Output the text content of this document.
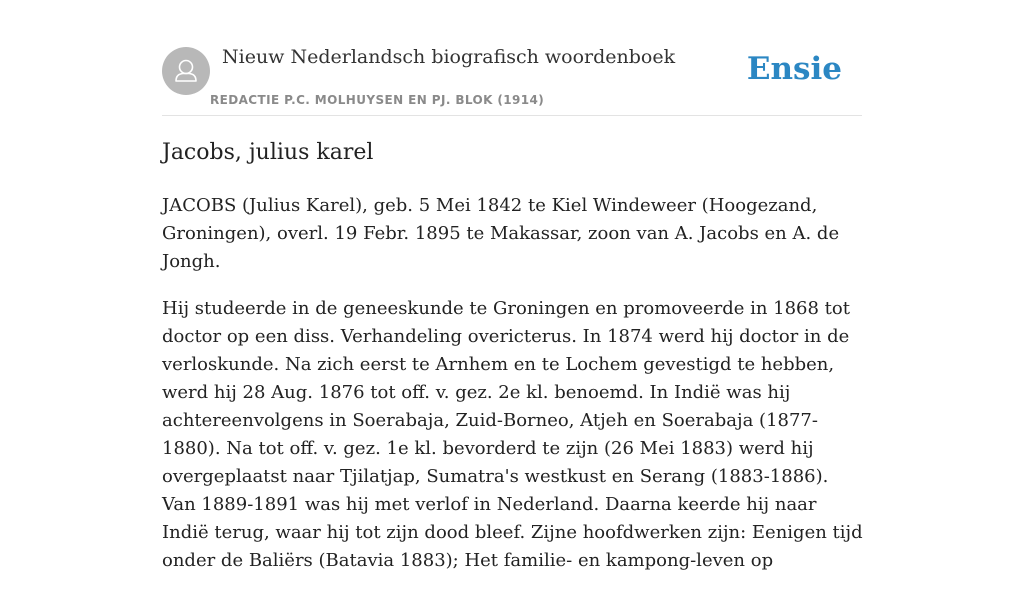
Nieuw Nederlandsch biografisch woordenboek
REDACTIE P.C. MOLHUYSEN EN PJ. BLOK (1914)
Ensie
Jacobs, julius karel

JACOBS (Julius Karel), geb. 5 Mei 1842 te Kiel Windeweer (Hoogezand, Groningen), overl. 19 Febr. 1895 te Makassar, zoon van A. Jacobs en A. de Jongh.

Hij studeerde in de geneeskunde te Groningen en promoveerde in 1868 tot doctor op een diss. Verhandeling overicterus. In 1874 werd hij doctor in de verloskunde. Na zich eerst te Arnhem en te Lochem gevestigd te hebben, werd hij 28 Aug. 1876 tot off. v. gez. 2e kl. benoemd. In Indië was hij achtereenvolgens in Soerabaja, Zuid-Borneo, Atjeh en Soerabaja (1877-1880). Na tot off. v. gez. 1e kl. bevorderd te zijn (26 Mei 1883) werd hij overgeplaatst naar Tjilatjap, Sumatra's westkust en Serang (1883-1886). Van 1889-1891 was hij met verlof in Nederland. Daarna keerde hij naar Indië terug, waar hij tot zijn dood bleef. Zijne hoofdwerken zijn: Eenigen tijd onder de Baliërs (Batavia 1883); Het familie- en kampong-leven op
